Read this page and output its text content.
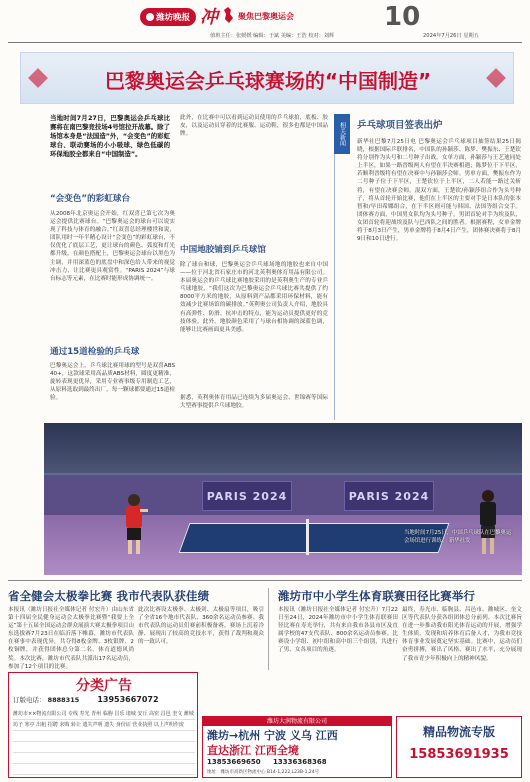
潍坊晚报 冲	聚焦巴黎奥运会	10
2024年7月26日 星期五
值班主任：张媛媛 编辑：于斌 美编：王浩 校对：刘辉
巴黎奥运会乒乓球赛场的“中国制造”
当地时间7月27日，巴黎奥运会乒乓球比赛将在南巴黎竞技场4号馆拉开战幕。除了场馆本身是“法国造”外，“会变色”的彩虹球台、联动赛场的小小吸球、绿色低碳的环保地胶全都来自“中国制造”。
“会变色”的彩虹球台
从2008年北京奥运会开始，红双喜已第七次为奥运会提供比赛球台。“巴黎奥运会的球台可以说实现了科技与体育的融合。”红双喜总经理楼世和说，团队用时一年半精心设计“会变色”的彩虹球台，不仅优化了底层工艺，更让球台的颜色、弧度和灯光都升级。在颜色搭配上，巴黎奥运会球台以黑色为主调，并用深蓝色的底盘中和深色给人带来的视觉冲击力，让比赛更具观赏性。“PARIS 2024”与球台标志等元素，在比赛时能形成协调统一。
通过15道检验的乒乓球
巴黎奥运会上，乒乓球比赛用球的型号是双喜ABS 40+，这款球采用高品质ABS材料，圆度更精准，旋转表现更优异，采用专业赛事级专用制造工艺，从原料选取到最终出厂，每一颗球都要通过15道检验。
此外，在比赛中可以看到运动员使用的乒乓球拍，底板、胶皮，以及运动员穿着的比赛服、运动鞋，很多也都是中国品牌。
中国地胶铺到乒乓球馆
除了球台和球，巴黎奥运会乒乓球场地的地胶也来自中国——位于河北省石家庄市的河北英利奥体育用品有限公司。本届奥运会的乒乓球比赛地胶采用的是英利奥生产的专业乒乓球地胶，“我们这次为巴黎奥运会乒乓球比赛共提供了约8000平方米的地胶，从原料到产品都采用环保材料，能有效减少比赛场馆的碳排放。”英利奥公司负责人介绍，地胶具有高弹性、防滑、抗冲击的特点，能为运动员提供更好的竞技体验。此外，地胶颜色采用了与球台相协调的深蓝色调，能够让比赛画面更具美感。
据悉，英利奥体育用品已连续为多届奥运会、世锦赛等国际大型赛事提供乒乓球地胶。
相关新闻 乒乓球项目签表出炉
新华社巴黎7月25日电 巴黎奥运会乒乓球项目抽签结果25日揭晓，根据国际乒联排名，中国队的孙颖莎、陈梦、樊振东、王楚钦将分别作为头号和二号种子出战。女单方面，孙颖莎与王艺迪同处上半区，如果一路晋级两人有望在半决赛相遇；陈梦位于下半区，若顺利晋级将有望在决赛中与孙颖莎会师。男单方面，樊振东作为二号种子位于下半区，王楚钦位于上半区，二人若能一路过关斩将，有望在决赛会师。混双方面，王楚钦/孙颖莎组合作为头号种子，将从首轮开始比赛，他们在上半区的主要对手是日本队的张本智和/早田希娜组合，在下半区则可能与韩国、法国等组合交手。团体赛方面，中国男女队均为头号种子，男团首轮对手为埃及队，女团首轮将迎战埃及队与巴西队之间的胜者。根据赛程，女单金牌将于8月3日产生，男单金牌将于8月4日产生，团体赛决赛将于8月9日和10日进行。
PARIS 2024	PARIS 2024
当地时间7月25日，中国乒乓球队在巴黎奥运会场馆进行训练。 新华社发
省全健会太极拳比赛 我市代表队获佳绩
本报讯（潍坊日报社全媒体记者 付宏升）由山东省第十四届全民健身运动会太极拳比赛暨“我要上全运”第十五届全国运动会群众展演大赛太极拳项目山东选拔赛7月23日在临沂落下帷幕，潍坊市代表队在赛事中表现优异，共夺得8枚金牌、3枚银牌、2枚铜牌，并获得团体总分第二名、体育道德风尚奖。本次比赛，潍坊市代表队共派出17名运动员，参加了12个项目的比赛。
此次比赛设太极拳、太极剑、太极扇等项目，吸引了全省16个地市代表队、360余名运动员参赛。我市代表队的运动员们赛前积极备赛，赛场上沉着冷静、展现出了较高的竞技水平，获得了裁判和观众的一致认可。
潍坊市中小学生体育联赛田径比赛举行
本报讯（潍坊日报社全媒体记者 付宏升）7月22日至24日，2024年潍坊市中小学生体育联赛田径比赛在寿光举行，共有来自我市各县市区及直属学校的47支代表队、800余名运动员参赛。比赛设小学组、初中组和高中组三个组别，共进行了男、女各项目的角逐。
最终，寿光市、临朐县、昌邑市、潍城区、奎文区等代表队分获各组团体总分前列。本次比赛旨在进一步推动我市阳光体育运动的开展，增强学生体质，发现和培养体育后备人才，为我市竞技体育事业发展奠定坚实基础。比赛中，运动员们奋勇拼搏，赛出了风格、赛出了水平，充分展现了我市青少年积极向上的精神风貌。
分类广告
订版电话： 8888315 13953667072
潍坊市××物流有限公司 专线 寿光 青州 临朐 昌乐 诸城 安丘 高密 昌邑 奎文 潍城 坊子 寒亭 出租 招聘 求购 转让 遗失声明 遗失 身份证 营业执照 以上声明作废	潍坊大润物流有限公司
潍坊→杭州 宁波 义乌 江西
直达浙江 江西全境
13853669650 13336368368
地址：潍坊市高新区物流中心 B14-1,222,L23B-1,24号
精品物流专版
15853691935
